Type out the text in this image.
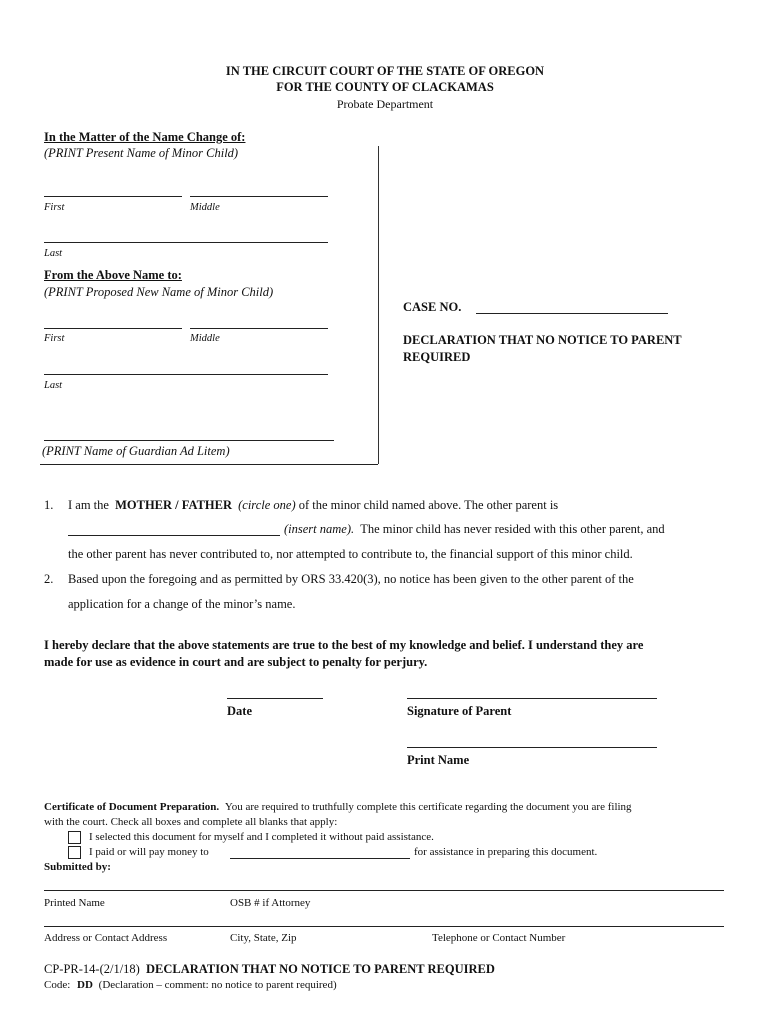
IN THE CIRCUIT COURT OF THE STATE OF OREGON
FOR THE COUNTY OF CLACKAMAS
Probate Department
In the Matter of the Name Change of:
(PRINT Present Name of Minor Child)
First	Middle
Last
From the Above Name to:
(PRINT Proposed New Name of Minor Child)
First	Middle
Last
(PRINT Name of Guardian Ad Litem)
CASE NO.
DECLARATION THAT NO NOTICE TO PARENT
REQUIRED
1. I am the MOTHER / FATHER (circle one) of the minor child named above. The other parent is
(insert name). The minor child has never resided with this other parent, and
the other parent has never contributed to, nor attempted to contribute to, the financial support of this minor child.
2. Based upon the foregoing and as permitted by ORS 33.420(3), no notice has been given to the other parent of the
application for a change of the minor’s name.
I hereby declare that the above statements are true to the best of my knowledge and belief. I understand they are
made for use as evidence in court and are subject to penalty for perjury.
Date	Signature of Parent
Print Name
Certificate of Document Preparation. You are required to truthfully complete this certificate regarding the document you are filing
with the court. Check all boxes and complete all blanks that apply:
I selected this document for myself and I completed it without paid assistance.
I paid or will pay money to	for assistance in preparing this document.
Submitted by:
Printed Name	OSB # if Attorney
Address or Contact Address	City, State, Zip	Telephone or Contact Number
CP-PR-14-(2/1/18) DECLARATION THAT NO NOTICE TO PARENT REQUIRED
Code: DD (Declaration – comment: no notice to parent required)
